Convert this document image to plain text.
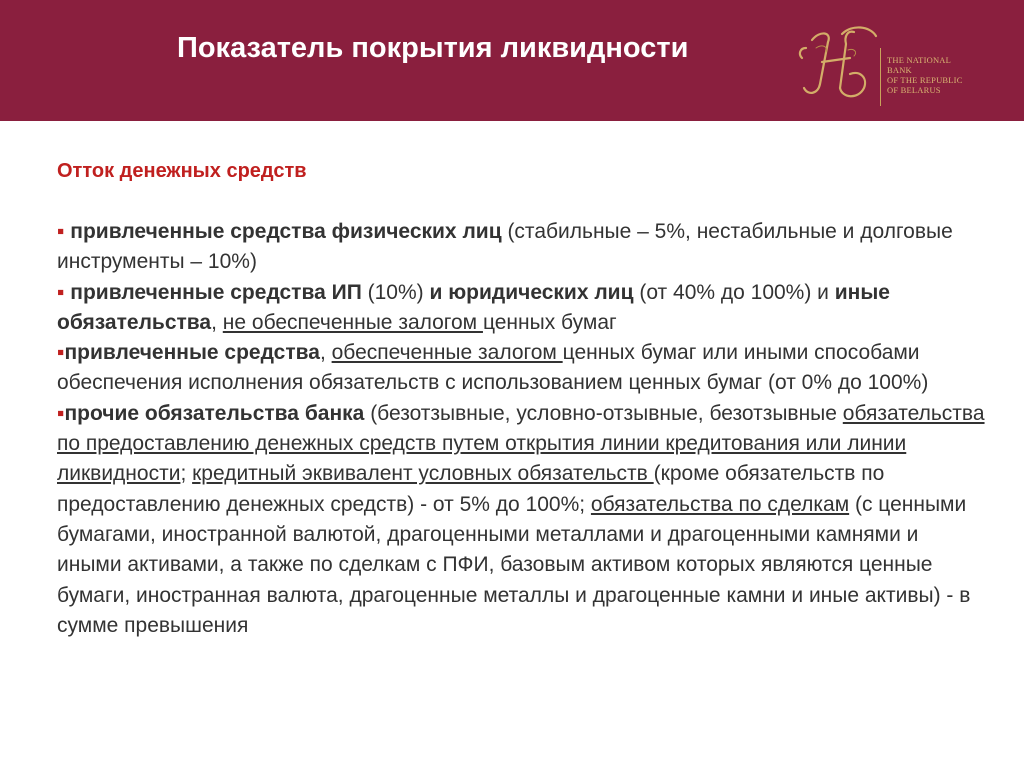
Показатель покрытия ликвидности	THE NATIONAL
BANK
OF THE REPUBLIC
OF BELARUS
Отток денежных средств
▪ привлеченные средства физических лиц (стабильные – 5%, нестабильные и долговые инструменты – 10%)
▪ привлеченные средства ИП (10%) и юридических лиц (от 40% до 100%) и иные обязательства, не обеспеченные залогом ценных бумаг
▪привлеченные средства, обеспеченные залогом ценных бумаг или иными способами обеспечения исполнения обязательств с использованием ценных бумаг (от 0% до 100%)
▪прочие обязательства банка (безотзывные, условно-отзывные, безотзывные обязательства по предоставлению денежных средств путем открытия линии кредитования или линии ликвидности; кредитный эквивалент условных обязательств (кроме обязательств по предоставлению денежных средств) - от 5% до 100%; обязательства по сделкам (с ценными бумагами, иностранной валютой, драгоценными металлами и драгоценными камнями и иными активами, а также по сделкам с ПФИ, базовым активом которых являются ценные бумаги, иностранная валюта, драгоценные металлы и драгоценные камни и иные активы) - в сумме превышения
